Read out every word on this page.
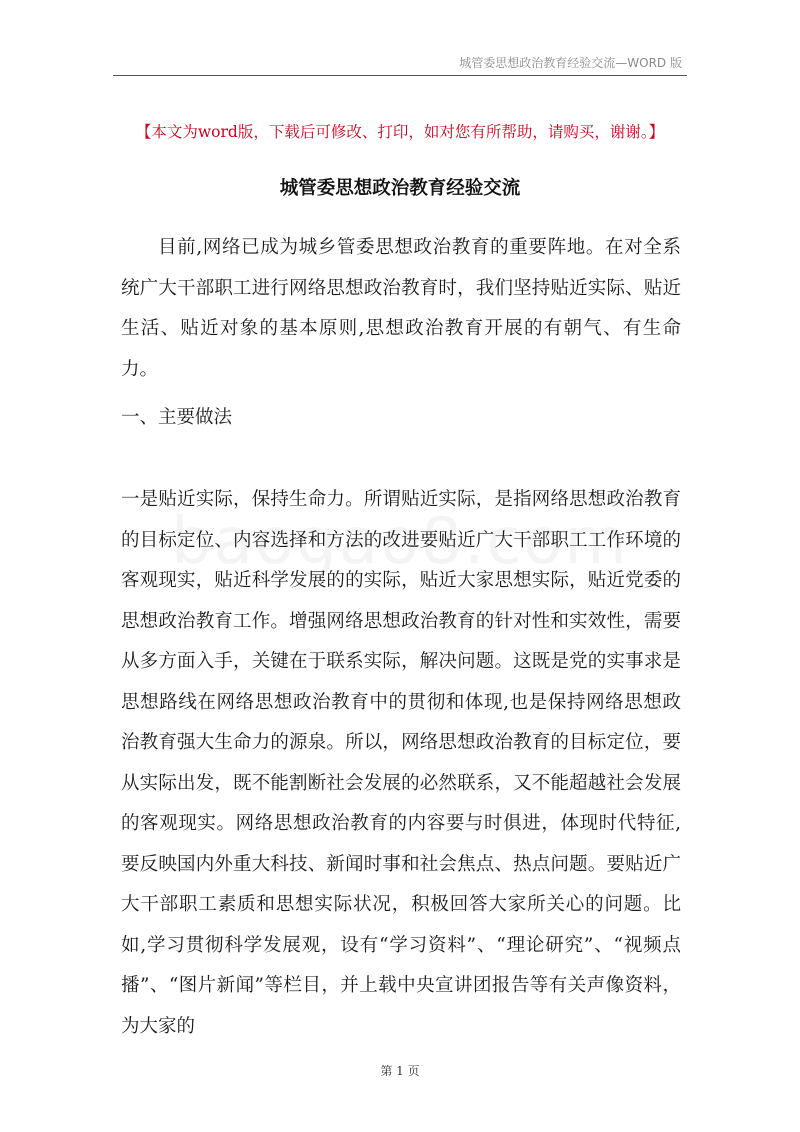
城管委思想政治教育经验交流—WORD 版
【本文为word版，下载后可修改、打印，如对您有所帮助，请购买，谢谢。】
城管委思想政治教育经验交流

目前,网络已成为城乡管委思想政治教育的重要阵地。在对全系统广大干部职工进行网络思想政治教育时，我们坚持贴近实际、贴近生活、贴近对象的基本原则,思想政治教育开展的有朝气、有生命力。

一、主要做法

一是贴近实际，保持生命力。所谓贴近实际，是指网络思想政治教育的目标定位、内容选择和方法的改进要贴近广大干部职工工作环境的客观现实，贴近科学发展的的实际，贴近大家思想实际，贴近党委的思想政治教育工作。增强网络思想政治教育的针对性和实效性，需要从多方面入手，关键在于联系实际，解决问题。这既是党的实事求是思想路线在网络思想政治教育中的贯彻和体现,也是保持网络思想政治教育强大生命力的源泉。所以，网络思想政治教育的目标定位，要从实际出发，既不能割断社会发展的必然联系，又不能超越社会发展的客观现实。网络思想政治教育的内容要与时俱进，体现时代特征,要反映国内外重大科技、新闻时事和社会焦点、热点问题。要贴近广大干部职工素质和思想实际状况，积极回答大家所关心的问题。比如,学习贯彻科学发展观，设有“学习资料”、“理论研究”、“视频点播”、“图片新闻”等栏目，并上载中央宣讲团报告等有关声像资料，为大家的

第 1 页
